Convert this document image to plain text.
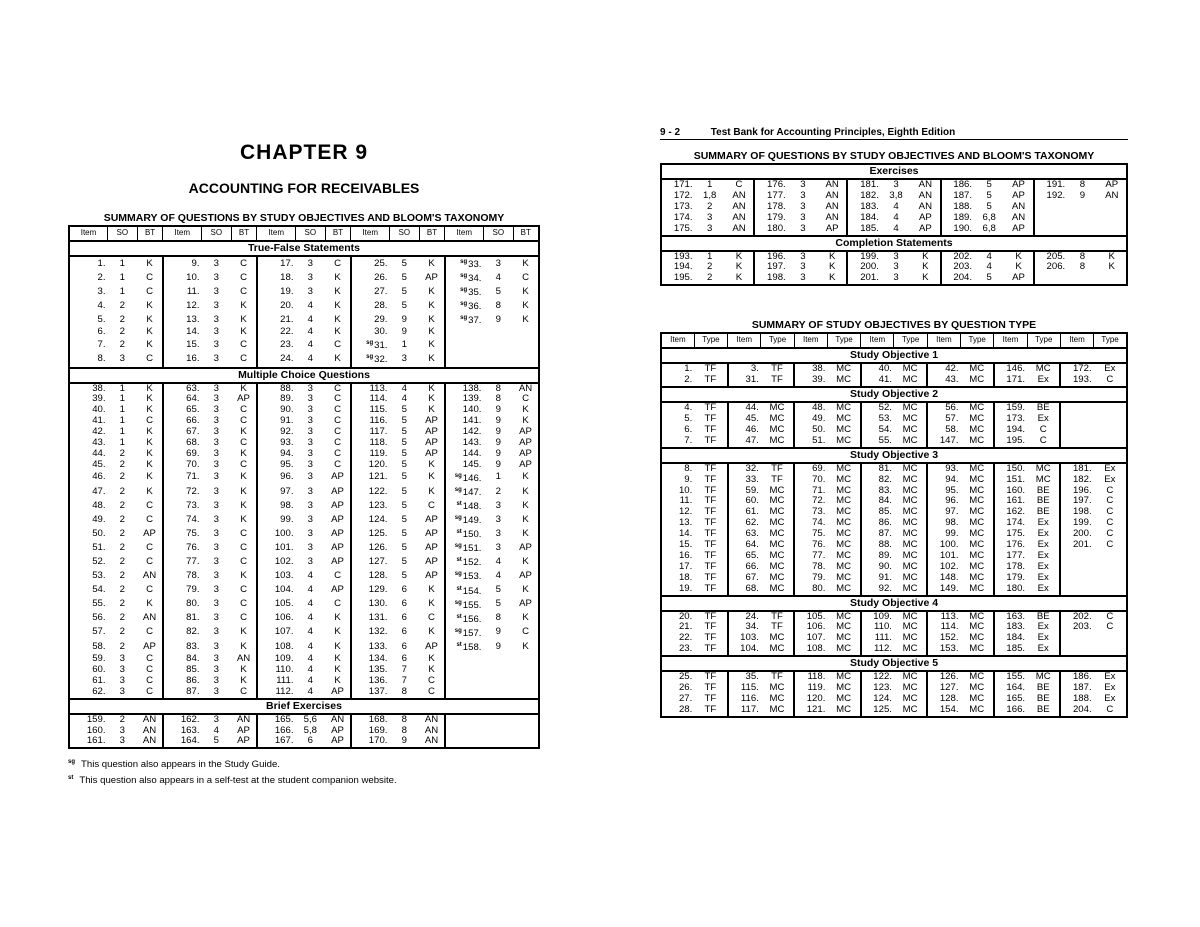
CHAPTER 9
ACCOUNTING FOR RECEIVABLES
SUMMARY OF QUESTIONS BY STUDY OBJECTIVES AND BLOOM'S TAXONOMY
Item	SO	BT	Item	SO	BT	Item	SO	BT	Item	SO	BT	Item	SO	BT
True-False Statements														
1.	1	K	9.	3	C	17.	3	C	25.	5	K	$^{sg}$33.	3	K
2.	1	C	10.	3	C	18.	3	K	26.	5	AP	$^{sg}$34.	4	C
3.	1	C	11.	3	C	19.	3	K	27.	5	K	$^{sg}$35.	5	K
4.	2	K	12.	3	K	20.	4	K	28.	5	K	$^{sg}$36.	8	K
5.	2	K	13.	3	K	21.	4	K	29.	9	K	$^{sg}$37.	9	K
6.	2	K	14.	3	K	22.	4	K	30.	9	K			
7.	2	K	15.	3	C	23.	4	C	$^{sg}$31.	1	K			
8.	3	C	16.	3	C	24.	4	K	$^{sg}$32.	3	K			
Multiple Choice Questions														
38.	1	K	63.	3	K	88.	3	C	113.	4	K	138.	8	AN
39.	1	K	64.	3	AP	89.	3	C	114.	4	K	139.	8	C
40.	1	K	65.	3	C	90.	3	C	115.	5	K	140.	9	K
41.	1	C	66.	3	C	91.	3	C	116.	5	AP	141.	9	K
42.	1	K	67.	3	K	92.	3	C	117.	5	AP	142.	9	AP
43.	1	K	68.	3	C	93.	3	C	118.	5	AP	143.	9	AP
44.	2	K	69.	3	K	94.	3	C	119.	5	AP	144.	9	AP
45.	2	K	70.	3	C	95.	3	C	120.	5	K	145.	9	AP
46.	2	K	71.	3	K	96.	3	AP	121.	5	K	$^{sg}$146.	1	K
47.	2	K	72.	3	K	97.	3	AP	122.	5	K	$^{sg}$147.	2	K
48.	2	C	73.	3	K	98.	3	AP	123.	5	C	$^{st}$148.	3	K
49.	2	C	74.	3	K	99.	3	AP	124.	5	AP	$^{sg}$149.	3	K
50.	2	AP	75.	3	C	100.	3	AP	125.	5	AP	$^{st}$150.	3	K
51.	2	C	76.	3	C	101.	3	AP	126.	5	AP	$^{sg}$151.	3	AP
52.	2	C	77.	3	C	102.	3	AP	127.	5	AP	$^{st}$152.	4	K
53.	2	AN	78.	3	K	103.	4	C	128.	5	AP	$^{sg}$153.	4	AP
54.	2	C	79.	3	C	104.	4	AP	129.	6	K	$^{st}$154.	5	K
55.	2	K	80.	3	C	105.	4	C	130.	6	K	$^{sg}$155.	5	AP
56.	2	AN	81.	3	C	106.	4	K	131.	6	C	$^{st}$156.	8	K
57.	2	C	82.	3	K	107.	4	K	132.	6	K	$^{sg}$157.	9	C
58.	2	AP	83.	3	K	108.	4	K	133.	6	AP	$^{st}$158.	9	K
59.	3	C	84.	3	AN	109.	4	K	134.	6	K			
60.	3	C	85.	3	K	110.	4	K	135.	7	K			
61.	3	C	86.	3	K	111.	4	K	136.	7	C			
62.	3	C	87.	3	C	112.	4	AP	137.	8	C			
Brief Exercises														
159.	2	AN	162.	3	AN	165.	5,6	AN	168.	8	AN			
160.	3	AN	163.	4	AP	166.	5,8	AP	169.	8	AN			
161.	3	AN	164.	5	AP	167.	6	AP	170.	9	AN			
$^{sg}$ This question also appears in the Study Guide.
$^{st}$ This question also appears in a self-test at the student companion website.
9 - 2	Test Bank for Accounting Principles, Eighth Edition
SUMMARY OF QUESTIONS BY STUDY OBJECTIVES AND BLOOM'S TAXONOMY
Exercises														
171.	1	C	176.	3	AN	181.	3	AN	186.	5	AP	191.	8	AP
172.	1,8	AN	177.	3	AN	182.	3,8	AN	187.	5	AP	192.	9	AN
173.	2	AN	178.	3	AN	183.	4	AN	188.	5	AN			
174.	3	AN	179.	3	AN	184.	4	AP	189.	6,8	AN			
175.	3	AN	180.	3	AP	185.	4	AP	190.	6,8	AP			
Completion Statements														
193.	1	K	196.	3	K	199.	3	K	202.	4	K	205.	8	K
194.	2	K	197.	3	K	200.	3	K	203.	4	K	206.	8	K
195.	2	K	198.	3	K	201.	3	K	204.	5	AP			
SUMMARY OF STUDY OBJECTIVES BY QUESTION TYPE
Item	Type	Item	Type	Item	Type	Item	Type	Item	Type	Item	Type	Item	Type
Study Objective 1													
1.	TF	3.	TF	38.	MC	40.	MC	42.	MC	146.	MC	172.	Ex
2.	TF	31.	TF	39.	MC	41.	MC	43.	MC	171.	Ex	193.	C
Study Objective 2													
4.	TF	44.	MC	48.	MC	52.	MC	56.	MC	159.	BE		
5.	TF	45.	MC	49.	MC	53.	MC	57.	MC	173.	Ex		
6.	TF	46.	MC	50.	MC	54.	MC	58.	MC	194.	C		
7.	TF	47.	MC	51.	MC	55.	MC	147.	MC	195.	C		
Study Objective 3													
8.	TF	32.	TF	69.	MC	81.	MC	93.	MC	150.	MC	181.	Ex
9.	TF	33.	TF	70.	MC	82.	MC	94.	MC	151.	MC	182.	Ex
10.	TF	59.	MC	71.	MC	83.	MC	95.	MC	160.	BE	196.	C
11.	TF	60.	MC	72.	MC	84.	MC	96.	MC	161.	BE	197.	C
12.	TF	61.	MC	73.	MC	85.	MC	97.	MC	162.	BE	198.	C
13.	TF	62.	MC	74.	MC	86.	MC	98.	MC	174.	Ex	199.	C
14.	TF	63.	MC	75.	MC	87.	MC	99.	MC	175.	Ex	200.	C
15.	TF	64.	MC	76.	MC	88.	MC	100.	MC	176.	Ex	201.	C
16.	TF	65.	MC	77.	MC	89.	MC	101.	MC	177.	Ex		
17.	TF	66.	MC	78.	MC	90.	MC	102.	MC	178.	Ex		
18.	TF	67.	MC	79.	MC	91.	MC	148.	MC	179.	Ex		
19.	TF	68.	MC	80.	MC	92.	MC	149.	MC	180.	Ex		
Study Objective 4													
20.	TF	24.	TF	105.	MC	109.	MC	113.	MC	163.	BE	202.	C
21.	TF	34.	TF	106.	MC	110.	MC	114.	MC	183.	Ex	203.	C
22.	TF	103.	MC	107.	MC	111.	MC	152.	MC	184.	Ex		
23.	TF	104.	MC	108.	MC	112.	MC	153.	MC	185.	Ex		
Study Objective 5													
25.	TF	35.	TF	118.	MC	122.	MC	126.	MC	155.	MC	186.	Ex
26.	TF	115.	MC	119.	MC	123.	MC	127.	MC	164.	BE	187.	Ex
27.	TF	116.	MC	120.	MC	124.	MC	128.	MC	165.	BE	188.	Ex
28.	TF	117.	MC	121.	MC	125.	MC	154.	MC	166.	BE	204.	C
